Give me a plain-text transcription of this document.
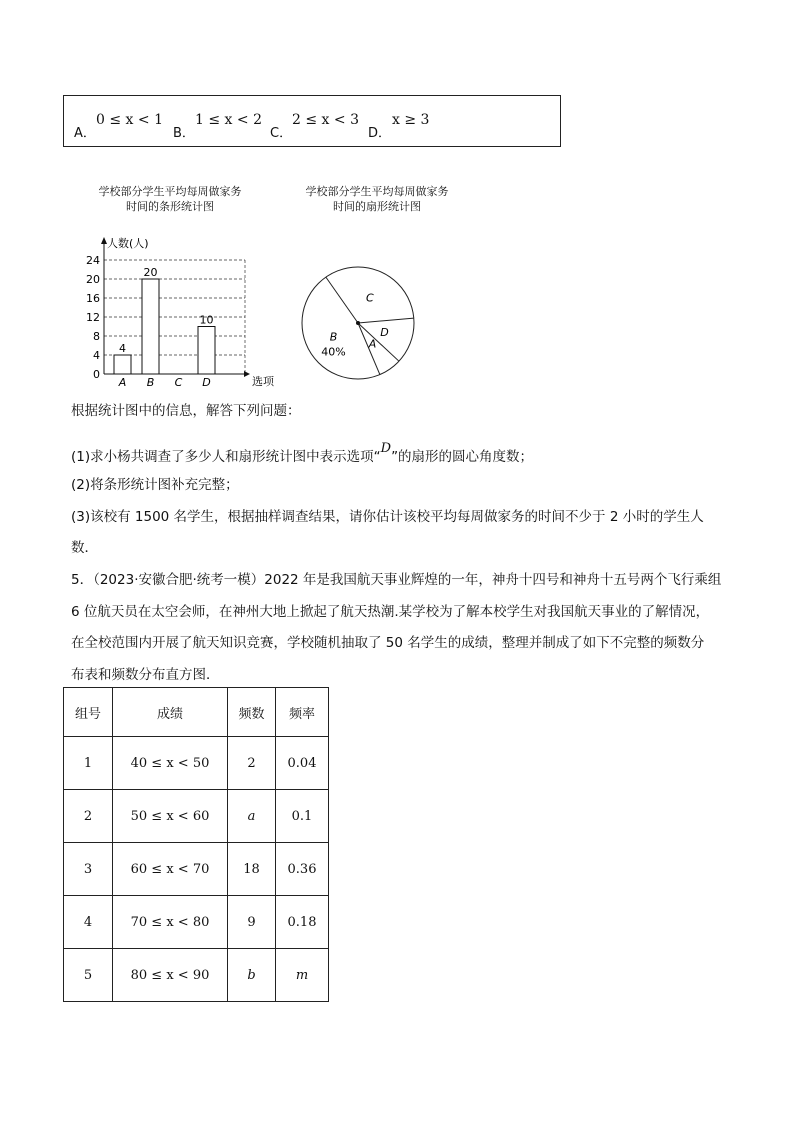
A．
0 ≤ x < 1
B．
1 ≤ x < 2
C．
2 ≤ x < 3
D．
x ≥ 3
学校部分学生平均每周做家务
时间的条形统计图
学校部分学生平均每周做家务
时间的扇形统计图
人数(人)
选项
0
4
8
12
16
20
24
4
A
20
B C
10
D
C
D
A
B
40%
根据统计图中的信息，解答下列问题：
(1)求小杨共调查了多少人和扇形统计图中表示选项“D”的扇形的圆心角度数；
(2)将条形统计图补充完整；
(3)该校有 1500 名学生，根据抽样调查结果，请你估计该校平均每周做家务的时间不少于 2 小时的学生人
数．
5．（2023·安徽合肥·统考一模）2022 年是我国航天事业辉煌的一年，神舟十四号和神舟十五号两个飞行乘组
6 位航天员在太空会师，在神州大地上掀起了航天热潮.某学校为了解本校学生对我国航天事业的了解情况，
在全校范围内开展了航天知识竞赛，学校随机抽取了 50 名学生的成绩，整理并制成了如下不完整的频数分
布表和频数分布直方图．
组号	成绩	频数	频率
1	40 ≤ x < 50	2	0.04
2	50 ≤ x < 60	a	0.1
3	60 ≤ x < 70	18	0.36
4	70 ≤ x < 80	9	0.18
5	80 ≤ x < 90	b	m
